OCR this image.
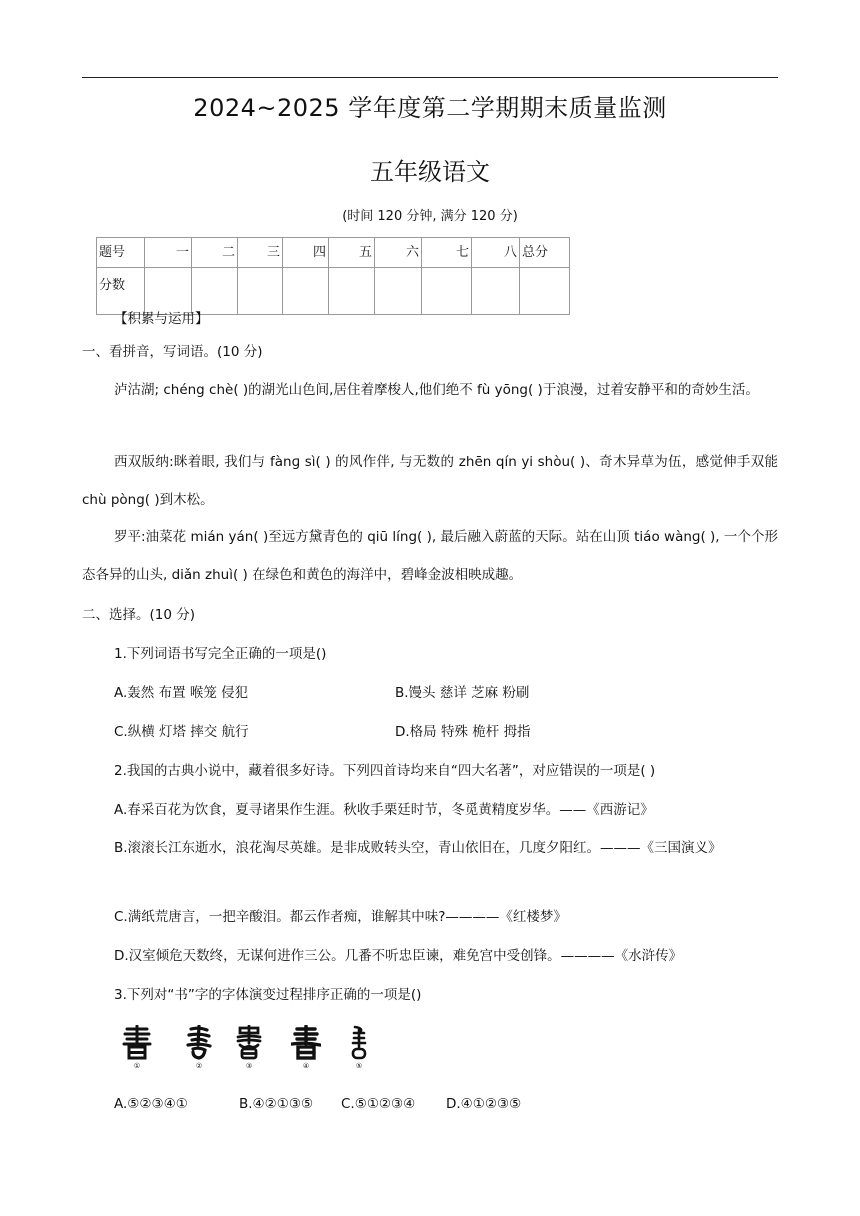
2024~2025 学年度第二学期期末质量监测
五年级语文
(时间 120 分钟, 满分 120 分)
题号	一	二	三	四	五	六	七	八	总分
分数									
【积累与运用】
一、看拼音，写词语。(10 分)
泸沽湖; chéng chè( )的湖光山色间,居住着摩梭人,他们绝不 fù yōng( )于浪漫，过着安静平和的奇妙生活。
西双版纳:眯着眼, 我们与 fànɡ sì( ) 的风作伴, 与无数的 zhēn qín yi shòu( )、奇木异草为伍，感觉伸手双能 chù pòng( )到木松。
罗平:油菜花 mián yán( )至远方黛青色的 qiū líng( ), 最后融入蔚蓝的天际。站在山顶 tiáo wànɡ( ), 一个个形态各异的山头, diǎn zhuì( ) 在绿色和黄色的海洋中，碧峰金波相映成趣。
二、选择。(10 分)
1.下列词语书写完全正确的一项是()
A.轰然 布置 喉笼 侵犯	B.馒头 慈详 芝麻 粉刷
C.纵横 灯塔 摔交 航行	D.格局 特殊 桅杆 拇指
2.我国的古典小说中，藏着很多好诗。下列四首诗均来自“四大名著”，对应错误的一项是( )
A.春采百花为饮食，夏寻诸果作生涯。秋收手栗廷时节，冬觅黄精度岁华。——《西游记》
B.滚滚长江东逝水，浪花淘尽英雄。是非成败转头空，青山依旧在，几度夕阳红。———《三国演义》
C.满纸荒唐言，一把辛酸泪。都云作者痴，谁解其中味?————《红楼梦》
D.汉室倾危天数终，无谋何进作三公。几番不听忠臣谏，难免宫中受创锋。————《水浒传》
3.下列对“书”字的字体演变过程排序正确的一项是()
①	②	③	④	⑤
A.⑤②③④①	B.④②①③⑤ C.⑤①②③④ D.④①②③⑤
